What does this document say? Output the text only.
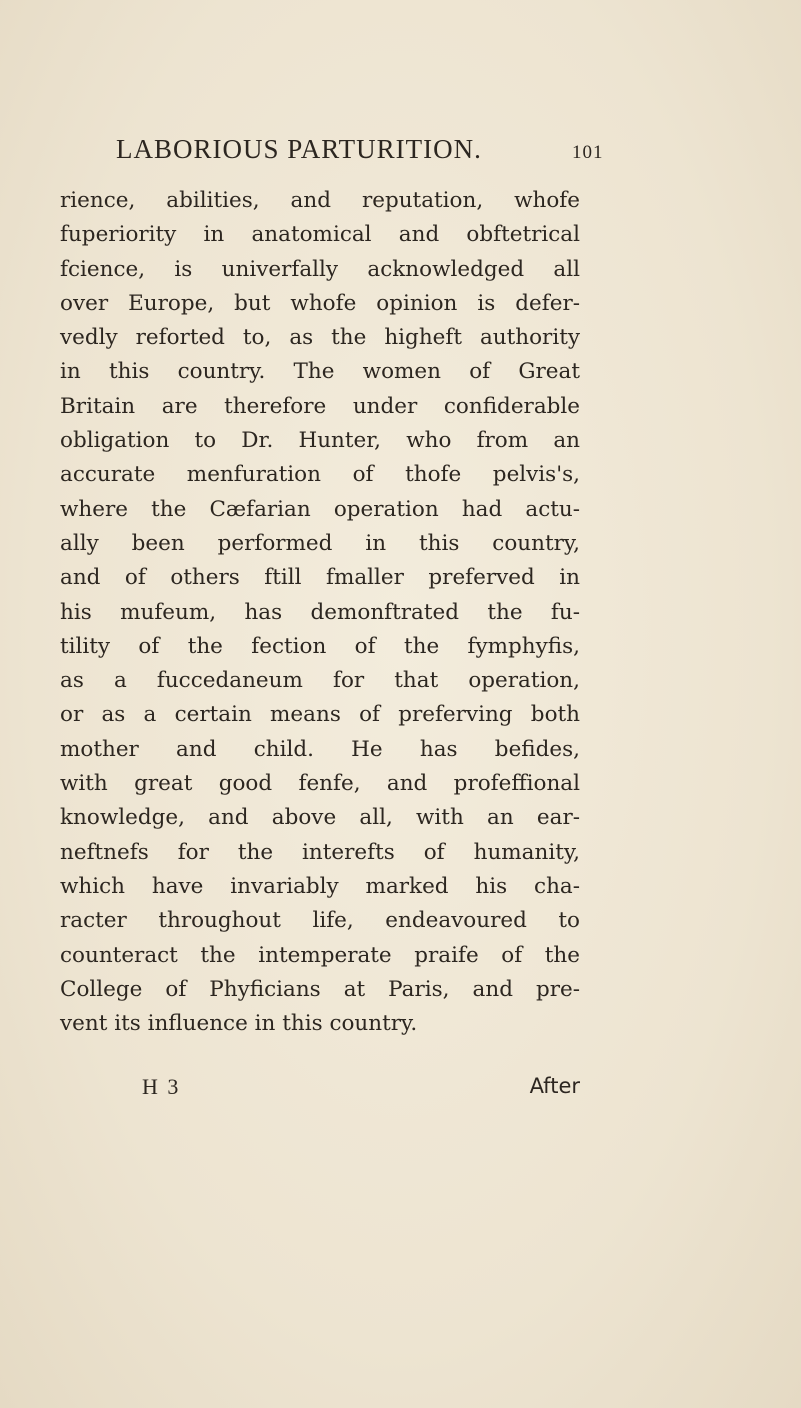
LABORIOUS PARTURITION.	101
rience, abilities, and reputation, whofe
fuperiority in anatomical and obftetrical
fcience, is univerfally acknowledged all
over Europe, but whofe opinion is defer-
vedly reforted to, as the higheft authority
in this country. The women of Great
Britain are therefore under confiderable
obligation to Dr. Hunter, who from an
accurate menfuration of thofe pelvis's,
where the Cæfarian operation had actu-
ally been performed in this country,
and of others ftill fmaller preferved in
his mufeum, has demonftrated the fu-
tility of the fection of the fymphyfis,
as a fuccedaneum for that operation,
or as a certain means of preferving both
mother and child. He has befides,
with great good fenfe, and profeffional
knowledge, and above all, with an ear-
neftnefs for the interefts of humanity,
which have invariably marked his cha-
racter throughout life, endeavoured to
counteract the intemperate praife of the
College of Phyficians at Paris, and pre-
vent its influence in this country.
H 3	After
